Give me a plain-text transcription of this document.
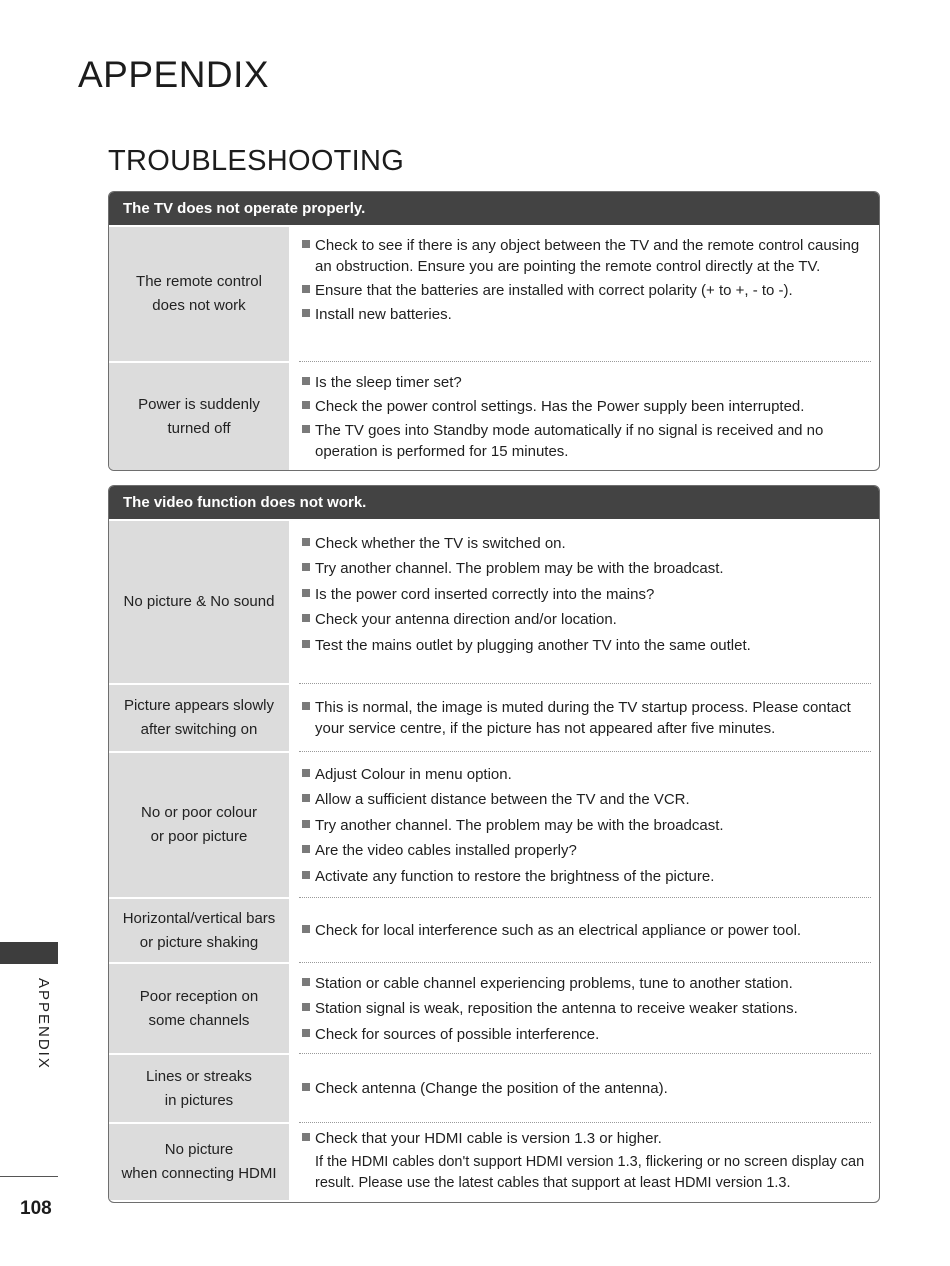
APPENDIX
TROUBLESHOOTING
The TV does not operate properly.
The remote control
does not work
Check to see if there is any object between the TV and the remote control causing an obstruction. Ensure you are pointing the remote control directly at the TV.
Ensure that the batteries are installed with correct polarity (+ to +, - to -).
Install new batteries.
Power is suddenly
turned off
Is the sleep timer set?
Check the power control settings. Has the Power supply been interrupted.
The TV goes into Standby mode automatically if no signal is received and no operation is performed for 15 minutes.
The video function does not work.
No picture & No sound
Check whether the TV is switched on.
Try another channel. The problem may be with the broadcast.
Is the power cord inserted correctly into the mains?
Check your antenna direction and/or location.
Test the mains outlet by plugging another TV into the same outlet.
Picture appears slowly
after switching on
This is normal, the image is muted during the TV startup process. Please contact your service centre, if the picture has not appeared after five minutes.
No or poor colour
or poor picture
Adjust Colour in menu option.
Allow a sufficient distance between the TV and the VCR.
Try another channel. The problem may be with the broadcast.
Are the video cables installed properly?
Activate any function to restore the brightness of the picture.
Horizontal/vertical bars
or picture shaking
Check for local interference such as an electrical appliance or power tool.
Poor reception on
some channels
Station or cable channel experiencing problems, tune to another station.
Station signal is weak, reposition the antenna to receive weaker stations.
Check for sources of possible interference.
Lines or streaks
in pictures
Check antenna (Change the position of the antenna).
No picture
when connecting HDMI
Check that your HDMI cable is version 1.3 or higher.
If the HDMI cables don't support HDMI version 1.3, flickering or no screen display can result. Please use the latest cables that support at least HDMI version 1.3.
APPENDIX
108
